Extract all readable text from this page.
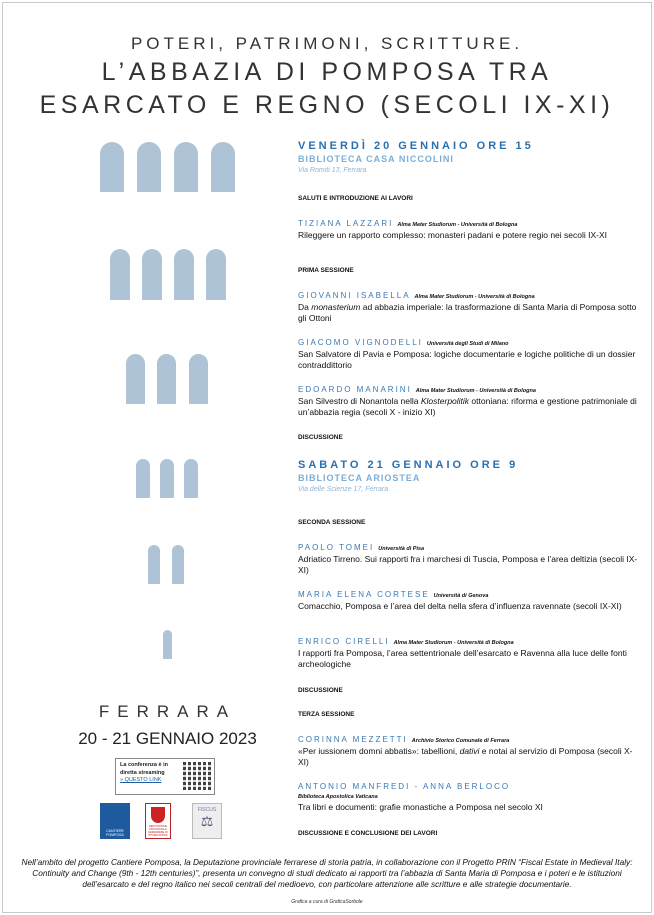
POTERI, PATRIMONI, SCRITTURE.
L’ABBAZIA DI POMPOSA TRA
ESARCATO E REGNO (SECOLI IX-XI)
FERRARA
20 - 21 GENNAIO 2023
La conferenza è in diretta streaming
» QUESTO LINK
CANTIERE POMPOSA
DEPUTAZIONE PROVINCIALE FERRARESE DI STORIA PATRIA
FISCUS
⚖
VENERDÌ 20 GENNAIO ORE 15
BIBLIOTECA CASA NICCOLINI
Via Romiti 13, Ferrara
SALUTI E INTRODUZIONE AI LAVORI
TIZIANA LAZZARI Alma Mater Studiorum - Università di Bologna
Rileggere un rapporto complesso: monasteri padani e potere regio nei secoli IX-XI
PRIMA SESSIONE
GIOVANNI ISABELLA Alma Mater Studiorum - Università di Bologna
Da monasterium ad abbazia imperiale: la trasformazione di Santa Maria di Pomposa sotto gli Ottoni
GIACOMO VIGNODELLI Università degli Studi di Milano
San Salvatore di Pavia e Pomposa: logiche documentarie e logiche politiche di un dossier contraddittorio
EDOARDO MANARINI Alma Mater Studiorum - Università di Bologna
San Silvestro di Nonantola nella Klosterpolitik ottoniana: riforma e gestione patrimoniale di un’abbazia regia (secoli X - inizio XI)
DISCUSSIONE
SABATO 21 GENNAIO ORE 9
BIBLIOTECA ARIOSTEA
Via delle Scienze 17, Ferrara
SECONDA SESSIONE
PAOLO TOMEI Università di Pisa
Adriatico Tirreno. Sui rapporti fra i marchesi di Tuscia, Pomposa e l’area deltizia (secoli IX-XI)
MARIA ELENA CORTESE Università di Genova
Comacchio, Pomposa e l’area del delta nella sfera d’influenza ravennate (secoli IX-XI)
ENRICO CIRELLI Alma Mater Studiorum - Università di Bologna
I rapporti fra Pomposa, l’area settentrionale dell’esarcato e Ravenna alla luce delle fonti archeologiche
DISCUSSIONE
TERZA SESSIONE
CORINNA MEZZETTI Archivio Storico Comunale di Ferrara
«Per iussionem domni abbatis»: tabellioni, dativi e notai al servizio di Pomposa (secoli X-XI)
ANTONIO MANFREDI - ANNA BERLOCO
Biblioteca Apostolica Vaticana
Tra libri e documenti: grafie monastiche a Pomposa nel secolo XI
DISCUSSIONE E CONCLUSIONE DEI LAVORI
Nell’ambito del progetto Cantiere Pomposa, la Deputazione provinciale ferrarese di storia patria, in collaborazione con il Progetto PRIN “Fiscal Estate in Medieval Italy: Continuity and Change (9th - 12th centuries)”, presenta un convegno di studi dedicato ai rapporti tra l’abbazia di Santa Maria di Pomposa e i poteri e le istituzioni dell’esarcato e del regno italico nei secoli centrali del medioevo, con particolare attenzione alle scritture e alle strategie documentarie.
Grafica a cura di GraficaSorbole
